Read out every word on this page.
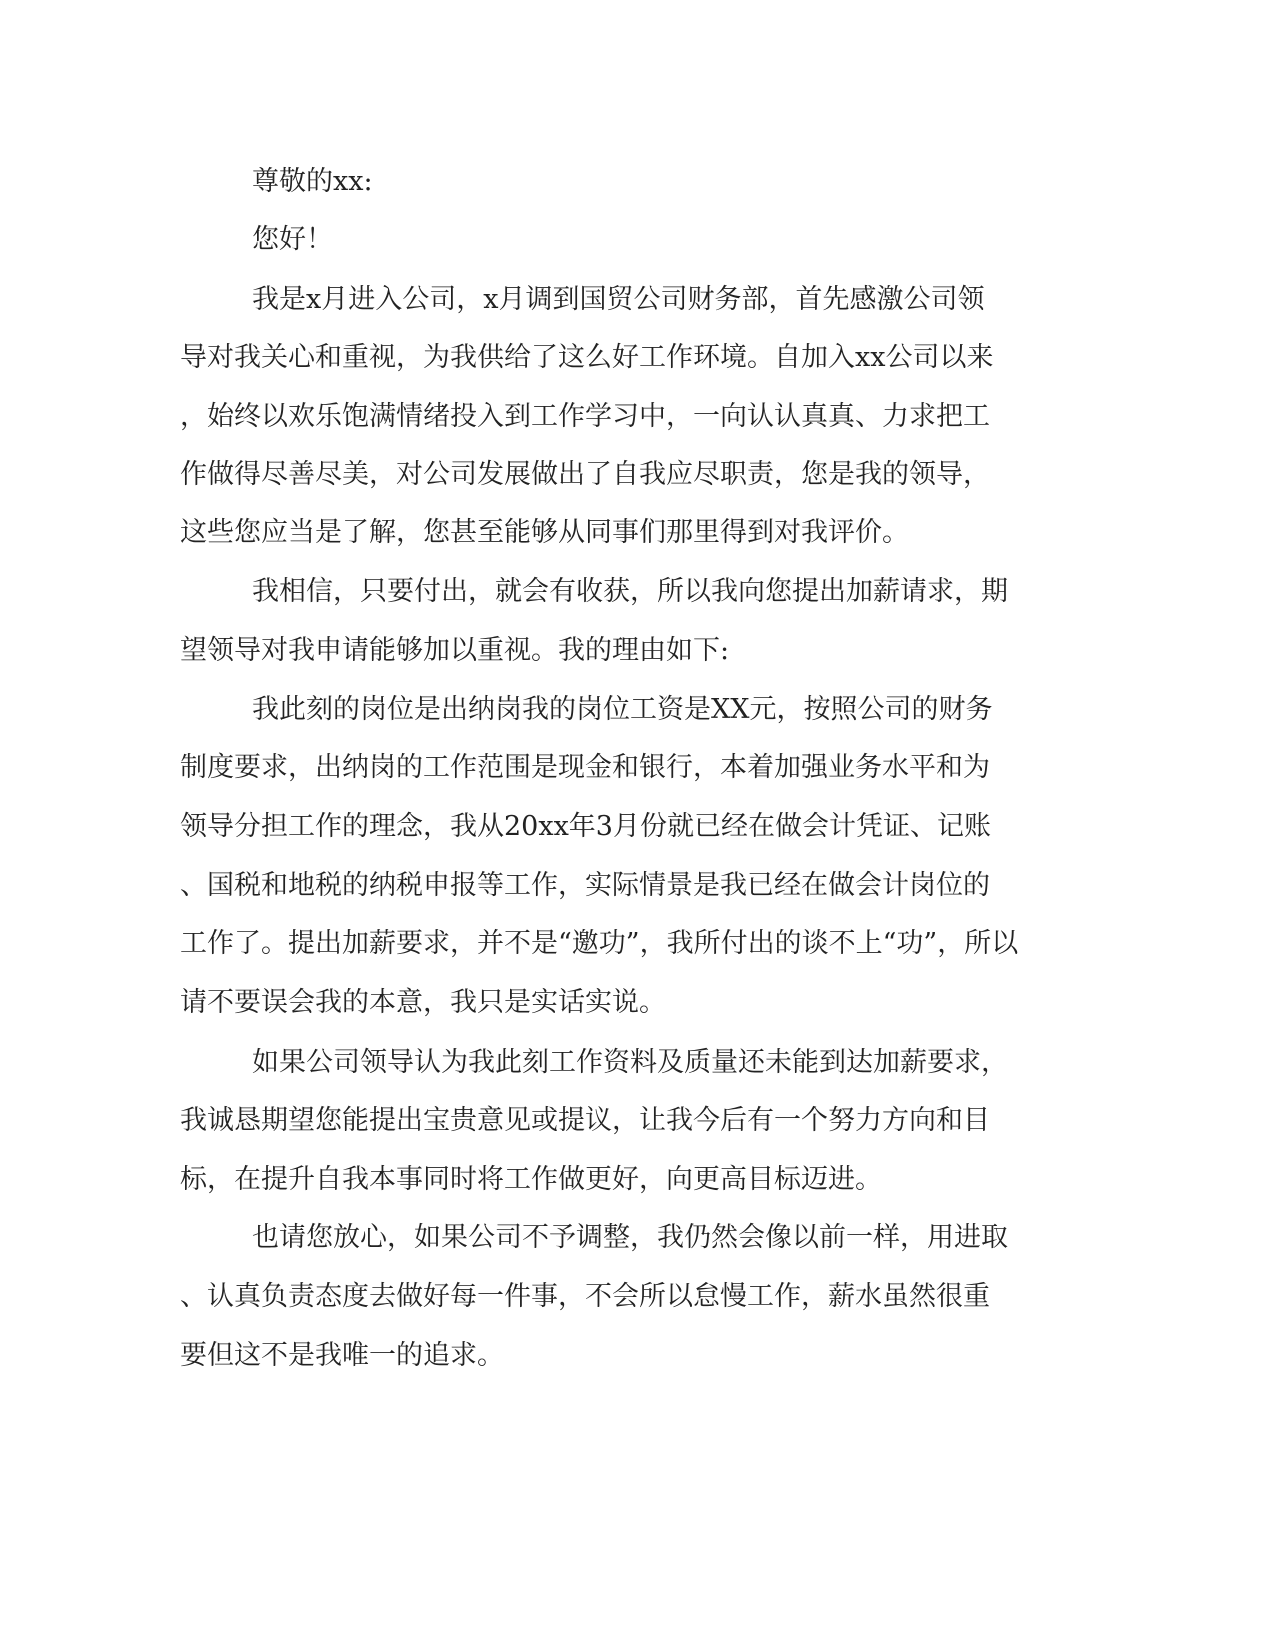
尊敬的xx:
您好！
我是x月进入公司，x月调到国贸公司财务部，首先感激公司领
导对我关心和重视，为我供给了这么好工作环境。自加入xx公司以来
，始终以欢乐饱满情绪投入到工作学习中，一向认认真真、力求把工
作做得尽善尽美，对公司发展做出了自我应尽职责，您是我的领导，
这些您应当是了解，您甚至能够从同事们那里得到对我评价。
我相信，只要付出，就会有收获，所以我向您提出加薪请求，期
望领导对我申请能够加以重视。我的理由如下:
我此刻的岗位是出纳岗我的岗位工资是XX元，按照公司的财务
制度要求，出纳岗的工作范围是现金和银行，本着加强业务水平和为
领导分担工作的理念，我从20xx年3月份就已经在做会计凭证、记账
、国税和地税的纳税申报等工作，实际情景是我已经在做会计岗位的
工作了。提出加薪要求，并不是“邀功”，我所付出的谈不上“功”，所以
请不要误会我的本意，我只是实话实说。
如果公司领导认为我此刻工作资料及质量还未能到达加薪要求，
我诚恳期望您能提出宝贵意见或提议，让我今后有一个努力方向和目
标，在提升自我本事同时将工作做更好，向更高目标迈进。
也请您放心，如果公司不予调整，我仍然会像以前一样，用进取
、认真负责态度去做好每一件事，不会所以怠慢工作，薪水虽然很重
要但这不是我唯一的追求。
